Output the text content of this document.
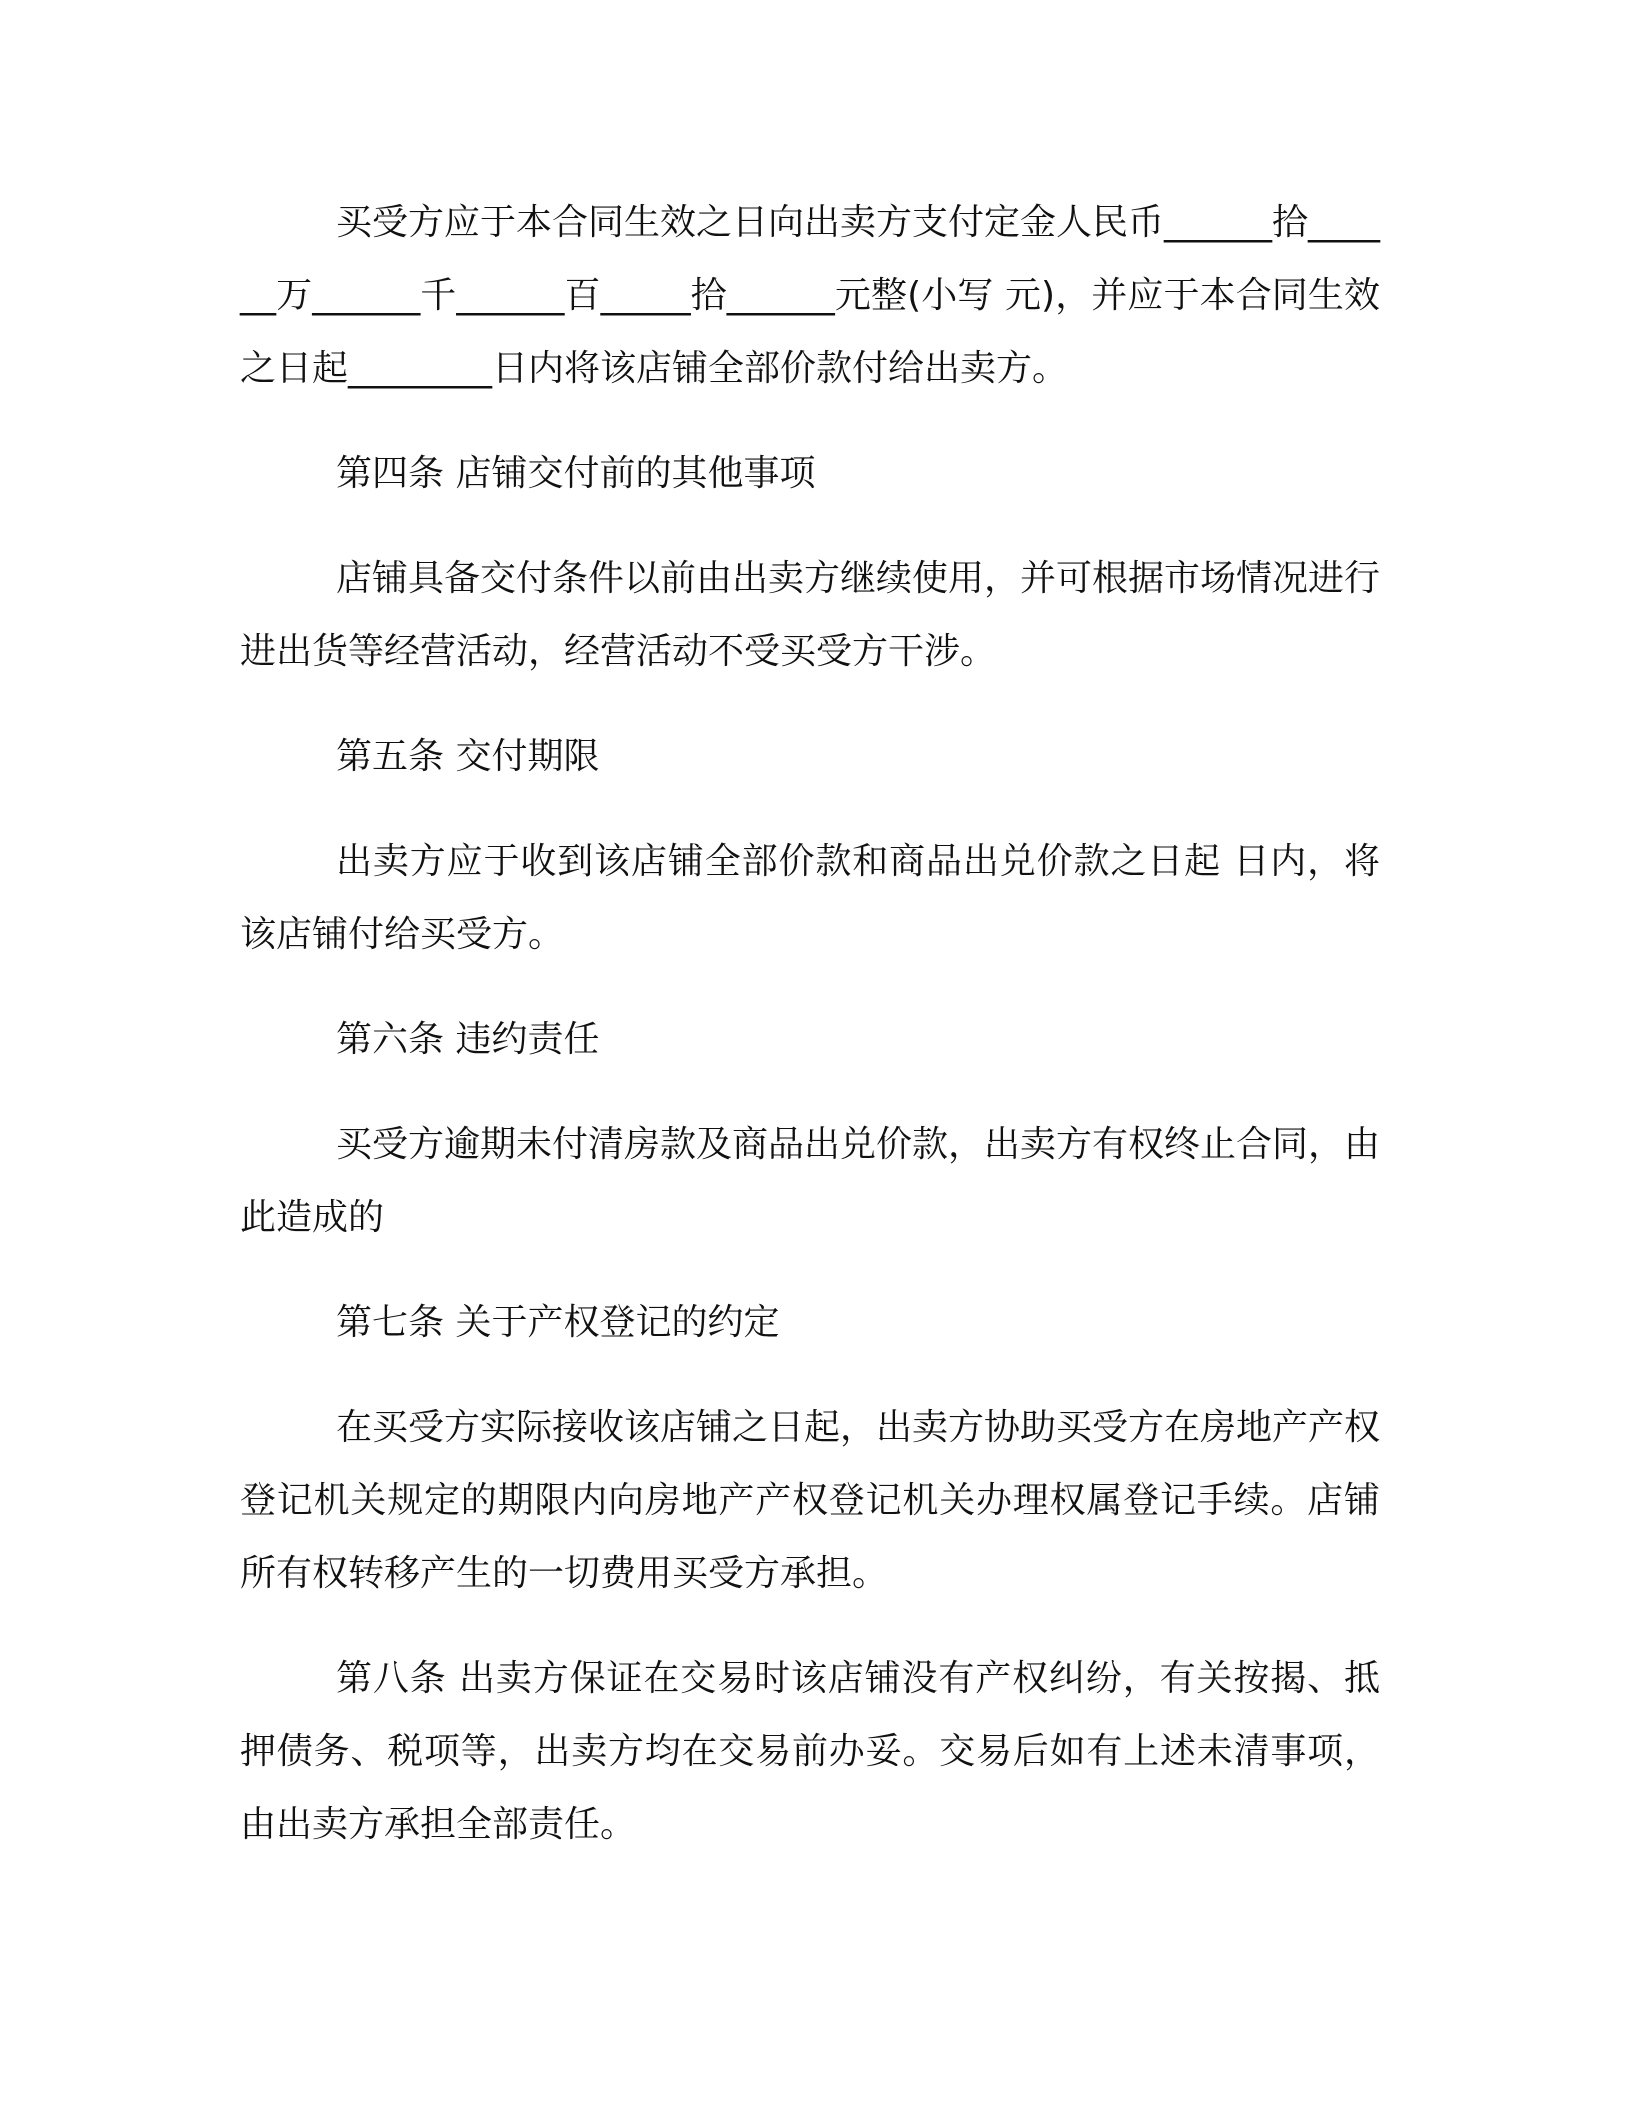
买受方应于本合同生效之日向出卖方支付定金人民币______拾______万______千______百_____拾______元整(小写 元)，并应于本合同生效之日起________日内将该店铺全部价款付给出卖方。

第四条 店铺交付前的其他事项

店铺具备交付条件以前由出卖方继续使用，并可根据市场情况进行进出货等经营活动，经营活动不受买受方干涉。

第五条 交付期限

出卖方应于收到该店铺全部价款和商品出兑价款之日起 日内，将该店铺付给买受方。

第六条 违约责任

买受方逾期未付清房款及商品出兑价款，出卖方有权终止合同，由此造成的

第七条 关于产权登记的约定

在买受方实际接收该店铺之日起，出卖方协助买受方在房地产产权登记机关规定的期限内向房地产产权登记机关办理权属登记手续。店铺所有权转移产生的一切费用买受方承担。

第八条 出卖方保证在交易时该店铺没有产权纠纷，有关按揭、抵押债务、税项等，出卖方均在交易前办妥。交易后如有上述未清事项，由出卖方承担全部责任。
